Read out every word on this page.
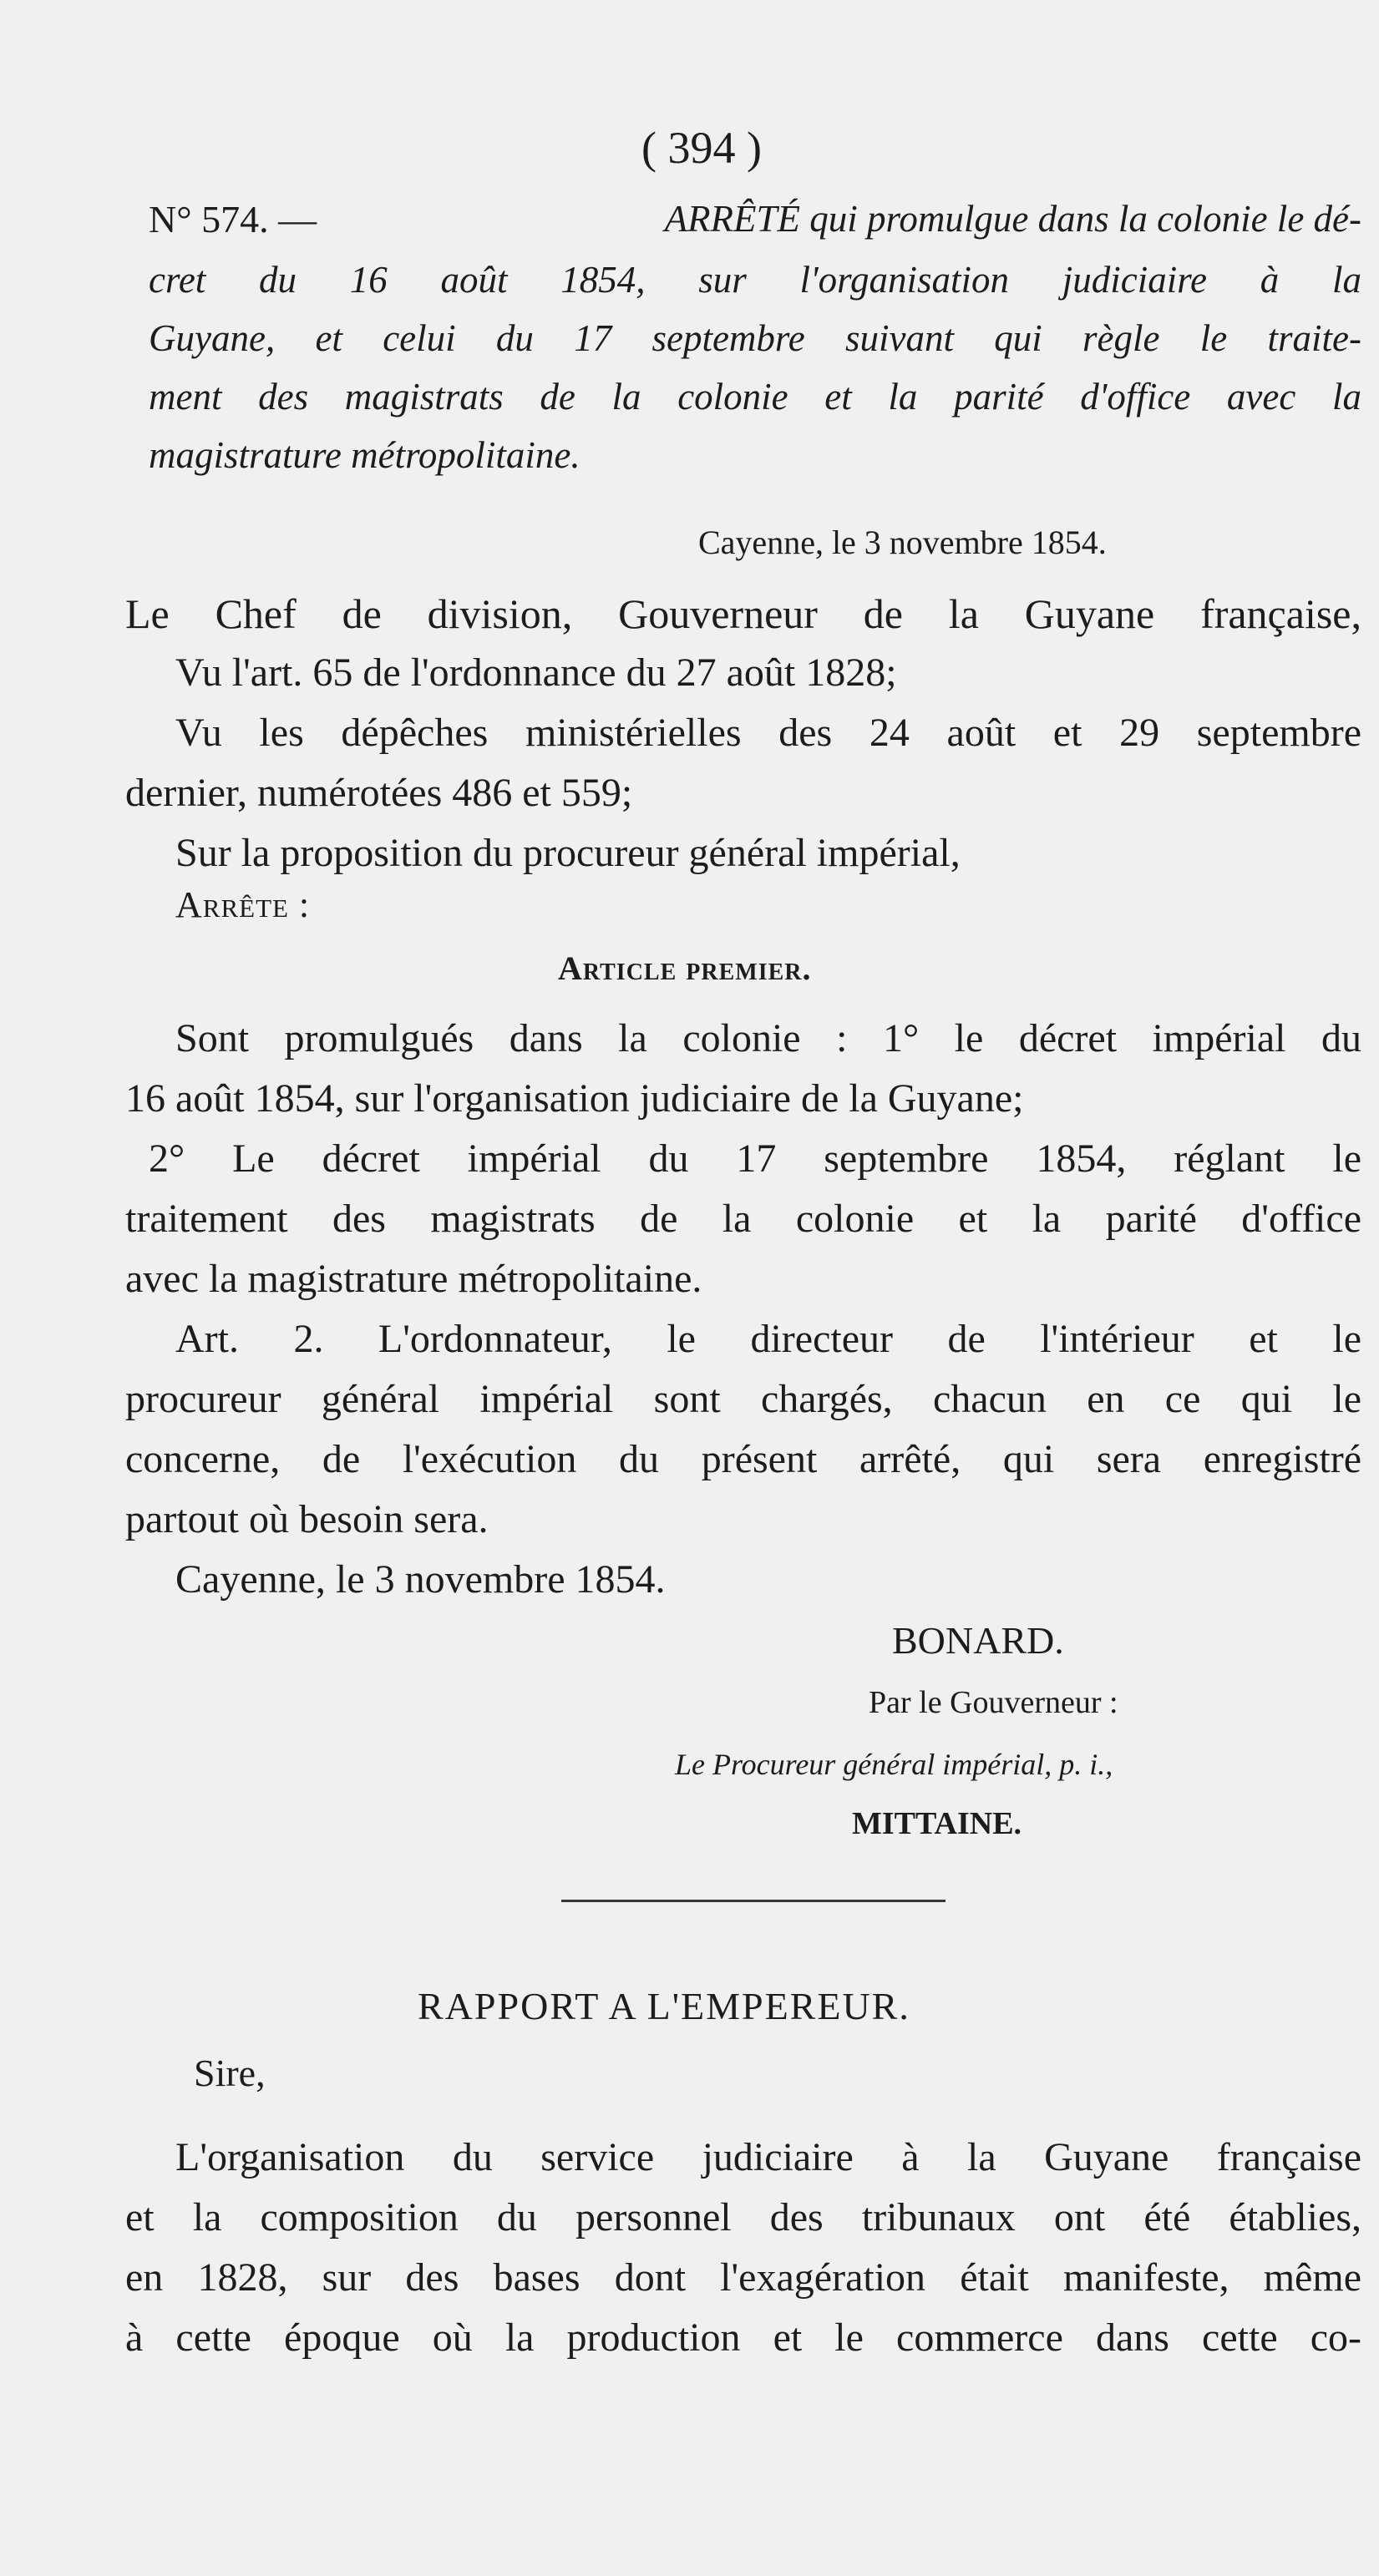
( 394 )
N° 574. —	ARRÊTÉ qui promulgue dans la colonie le dé-
cret du 16 août 1854, sur l'organisation judiciaire à la
Guyane, et celui du 17 septembre suivant qui règle le traite-
ment des magistrats de la colonie et la parité d'office avec la
magistrature métropolitaine.
Cayenne, le 3 novembre 1854.
Le Chef de division, Gouverneur de la Guyane française,
Vu l'art. 65 de l'ordonnance du 27 août 1828;
Vu les dépêches ministérielles des 24 août et 29 septembre
dernier, numérotées 486 et 559;
Sur la proposition du procureur général impérial,
Arrête :
Article premier.
Sont promulgués dans la colonie : 1° le décret impérial du
16 août 1854, sur l'organisation judiciaire de la Guyane;
2° Le décret impérial du 17 septembre 1854, réglant le
traitement des magistrats de la colonie et la parité d'office
avec la magistrature métropolitaine.
Art. 2. L'ordonnateur, le directeur de l'intérieur et le
procureur général impérial sont chargés, chacun en ce qui le
concerne, de l'exécution du présent arrêté, qui sera enregistré
partout où besoin sera.
Cayenne, le 3 novembre 1854.
BONARD.
Par le Gouverneur :
Le Procureur général impérial, p. i.,
MITTAINE.
RAPPORT A L'EMPEREUR.
Sire,
L'organisation du service judiciaire à la Guyane française
et la composition du personnel des tribunaux ont été établies,
en 1828, sur des bases dont l'exagération était manifeste, même
à cette époque où la production et le commerce dans cette co-
